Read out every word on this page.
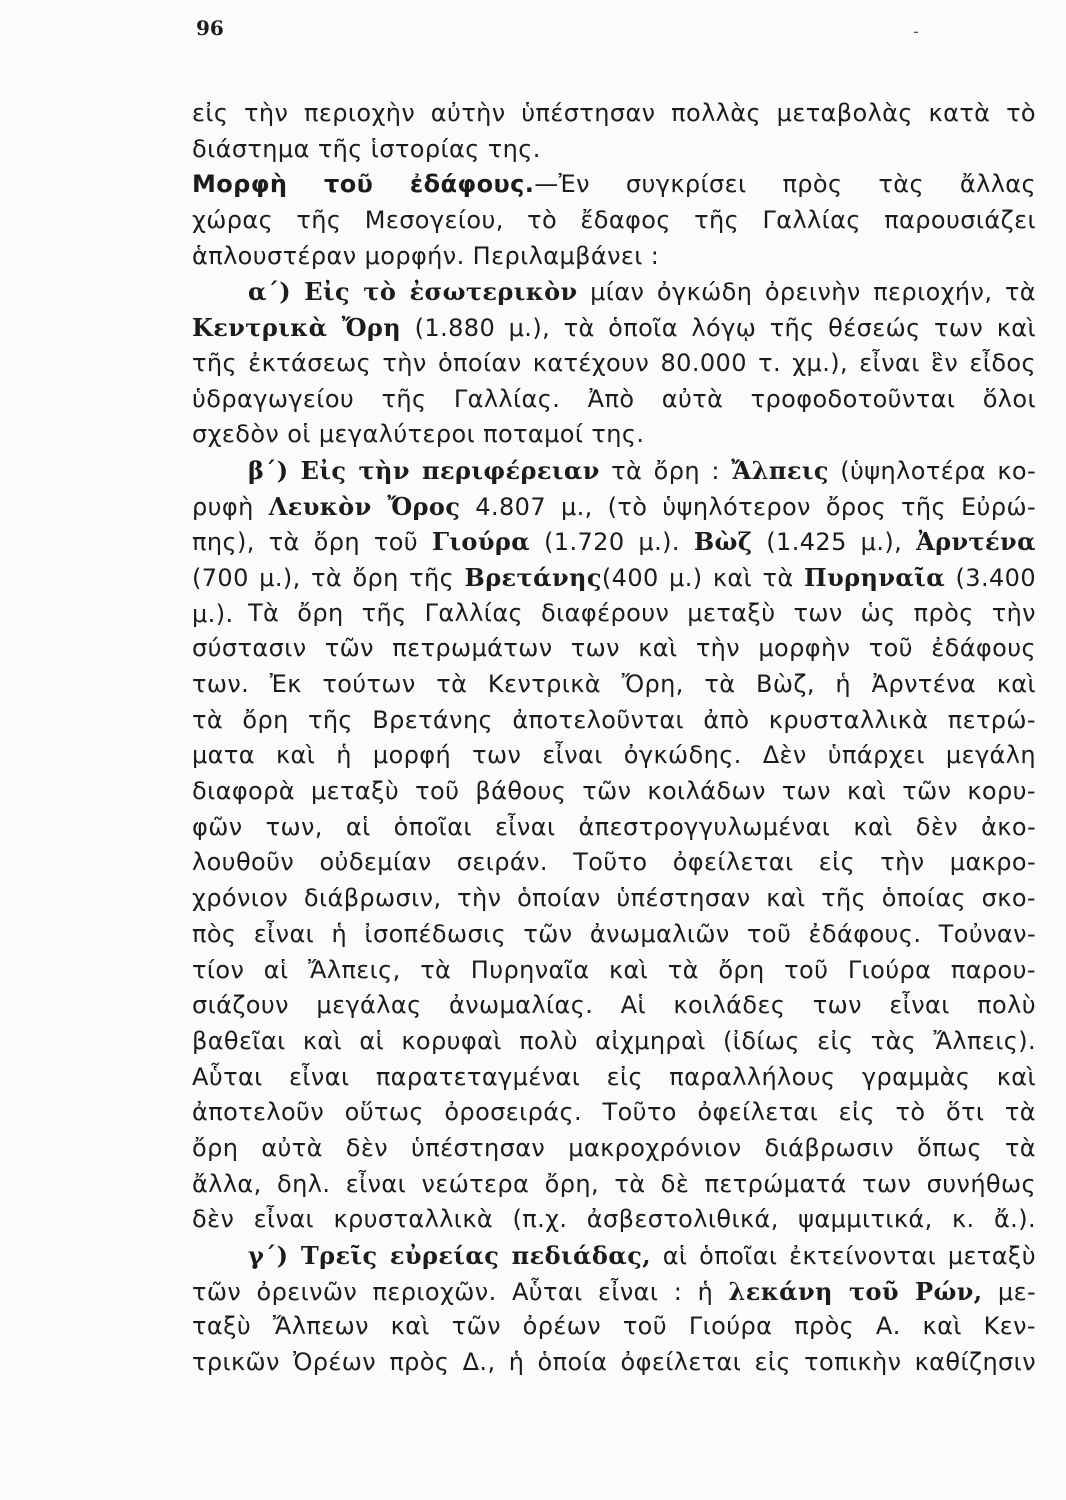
96	-
εἰς τὴν περιοχὴν αὐτὴν ὑπέστησαν πολλὰς μεταβολὰς κατὰ τὸ
διάστημα τῆς ἱστορίας της.
Μορφὴ τοῦ ἐδάφους.—Ἐν συγκρίσει πρὸς τὰς ἄλλας
χώρας τῆς Μεσογείου, τὸ ἔδαφος τῆς Γαλλίας παρουσιάζει
ἁπλουστέραν μορφήν. Περιλαμβάνει :
α΄) Εἰς τὸ ἐσωτερικὸν μίαν ὀγκώδη ὀρεινὴν περιοχήν, τὰ
Κεντρικὰ Ὄρη (1.880 μ.), τὰ ὁποῖα λόγῳ τῆς θέσεώς των καὶ
τῆς ἐκτάσεως τὴν ὁποίαν κατέχουν 80.000 τ. χμ.), εἶναι ἓν εἶδος
ὑδραγωγείου τῆς Γαλλίας. Ἀπὸ αὐτὰ τροφοδοτοῦνται ὅλοι
σχεδὸν οἱ μεγαλύτεροι ποταμοί της.
β΄) Εἰς τὴν περιφέρειαν τὰ ὄρη : Ἄλπεις (ὑψηλοτέρα κο-
ρυφὴ Λευκὸν Ὄρος 4.807 μ., (τὸ ὑψηλότερον ὄρος τῆς Εὐρώ-
πης), τὰ ὄρη τοῦ Γιούρα (1.720 μ.). Βὼζ (1.425 μ.), Ἀρντένα
(700 μ.), τὰ ὄρη τῆς Βρετάνης(400 μ.) καὶ τὰ Πυρηναῖα (3.400 μ.). Τὰ ὄρη τῆς Γαλλίας διαφέρουν μεταξὺ των ὡς πρὸς τὴν
σύστασιν τῶν πετρωμάτων των καὶ τὴν μορφὴν τοῦ ἐδάφους
των. Ἐκ τούτων τὰ Κεντρικὰ Ὄρη, τὰ Βὼζ, ἡ Ἀρντένα καὶ
τὰ ὄρη τῆς Βρετάνης ἀποτελοῦνται ἀπὸ κρυσταλλικὰ πετρώ-
ματα καὶ ἡ μορφή των εἶναι ὀγκώδης. Δὲν ὑπάρχει μεγάλη
διαφορὰ μεταξὺ τοῦ βάθους τῶν κοιλάδων των καὶ τῶν κορυ-
φῶν των, αἱ ὁποῖαι εἶναι ἀπεστρογγυλωμέναι καὶ δὲν ἀκο-
λουθοῦν οὐδεμίαν σειράν. Τοῦτο ὀφείλεται εἰς τὴν μακρο-
χρόνιον διάβρωσιν, τὴν ὁποίαν ὑπέστησαν καὶ τῆς ὁποίας σκο-
πὸς εἶναι ἡ ἰσοπέδωσις τῶν ἀνωμαλιῶν τοῦ ἐδάφους. Τοὐναν-
τίον αἱ Ἄλπεις, τὰ Πυρηναῖα καὶ τὰ ὄρη τοῦ Γιούρα παρου-
σιάζουν μεγάλας ἀνωμαλίας. Αἱ κοιλάδες των εἶναι πολὺ
βαθεῖαι καὶ αἱ κορυφαὶ πολὺ αἰχμηραὶ (ἰδίως εἰς τὰς Ἄλπεις).
Αὗται εἶναι παρατεταγμέναι εἰς παραλλήλους γραμμὰς καὶ
ἀποτελοῦν οὕτως ὀροσειράς. Τοῦτο ὀφείλεται εἰς τὸ ὅτι τὰ
ὄρη αὐτὰ δὲν ὑπέστησαν μακροχρόνιον διάβρωσιν ὅπως τὰ
ἄλλα, δηλ. εἶναι νεώτερα ὄρη, τὰ δὲ πετρώματά των συνήθως
δὲν εἶναι κρυσταλλικὰ (π.χ. ἀσβεστολιθικά, ψαμμιτικά, κ. ἄ.).
γ΄) Τρεῖς εὐρείας πεδιάδας, αἱ ὁποῖαι ἐκτείνονται μεταξὺ
τῶν ὀρεινῶν περιοχῶν. Αὗται εἶναι : ἡ λεκάνη τοῦ Ρών, με-
ταξὺ Ἄλπεων καὶ τῶν ὀρέων τοῦ Γιούρα πρὸς Α. καὶ Κεν-
τρικῶν Ὀρέων πρὸς Δ., ἡ ὁποία ὀφείλεται εἰς τοπικὴν καθίζησιν
